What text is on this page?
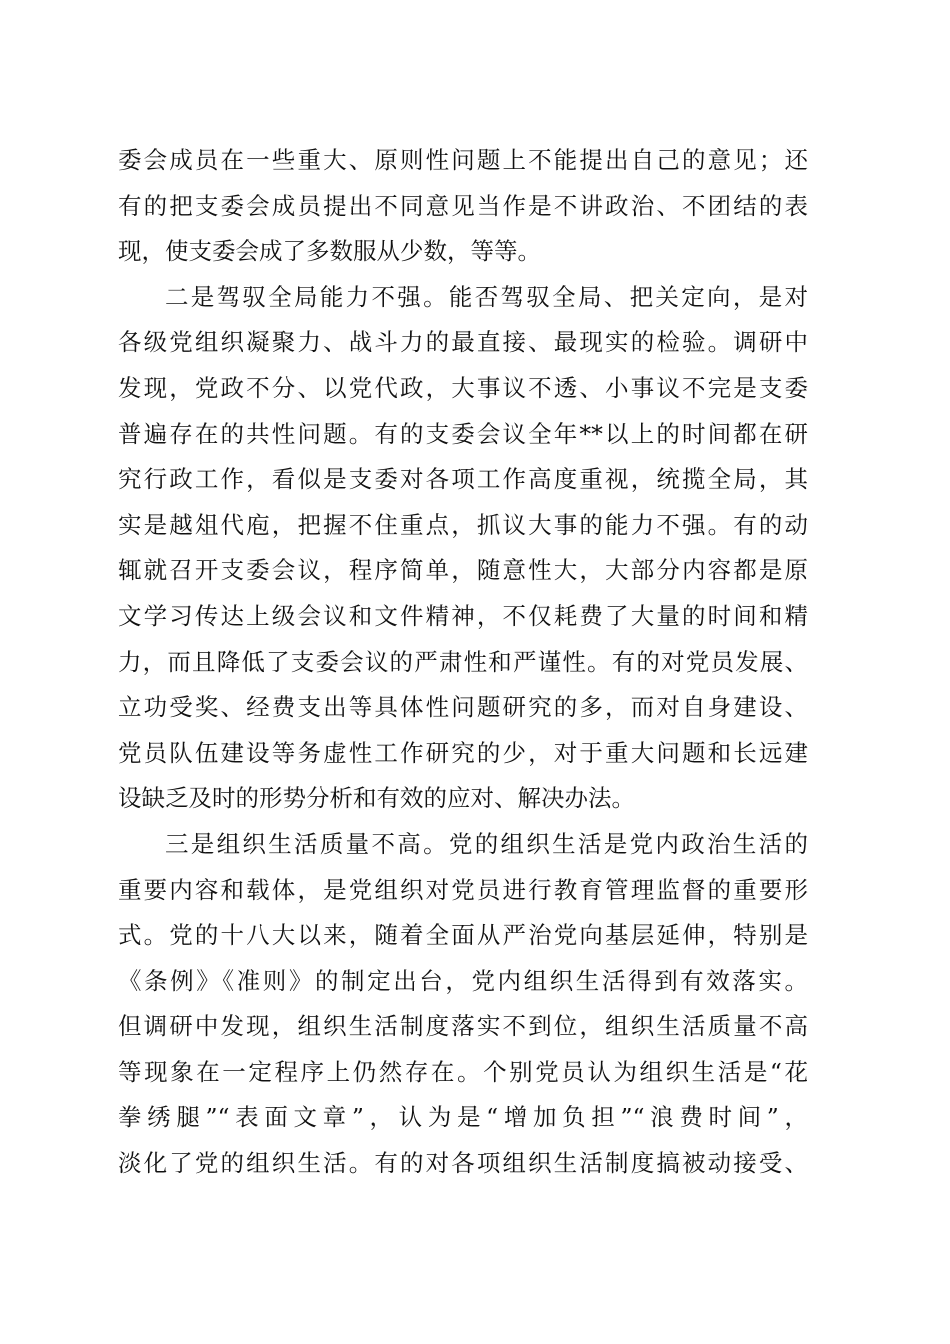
委会成员在一些重大、原则性问题上不能提出自己的意见；还
有的把支委会成员提出不同意见当作是不讲政治、不团结的表
现，使支委会成了多数服从少数，等等。
二是驾驭全局能力不强。能否驾驭全局、把关定向，是对
各级党组织凝聚力、战斗力的最直接、最现实的检验。调研中
发现，党政不分、以党代政，大事议不透、小事议不完是支委
普遍存在的共性问题。有的支委会议全年**以上的时间都在研
究行政工作，看似是支委对各项工作高度重视，统揽全局，其
实是越俎代庖，把握不住重点，抓议大事的能力不强。有的动
辄就召开支委会议，程序简单，随意性大，大部分内容都是原
文学习传达上级会议和文件精神，不仅耗费了大量的时间和精
力，而且降低了支委会议的严肃性和严谨性。有的对党员发展、
立功受奖、经费支出等具体性问题研究的多，而对自身建设、
党员队伍建设等务虚性工作研究的少，对于重大问题和长远建
设缺乏及时的形势分析和有效的应对、解决办法。
三是组织生活质量不高。党的组织生活是党内政治生活的
重要内容和载体，是党组织对党员进行教育管理监督的重要形
式。党的十八大以来，随着全面从严治党向基层延伸，特别是
《条例》《准则》的制定出台，党内组织生活得到有效落实。
但调研中发现，组织生活制度落实不到位，组织生活质量不高
等现象在一定程序上仍然存在。个别党员认为组织生活是“花
拳绣腿”“表面文章”，认为是“增加负担”“浪费时间”，
淡化了党的组织生活。有的对各项组织生活制度搞被动接受、
